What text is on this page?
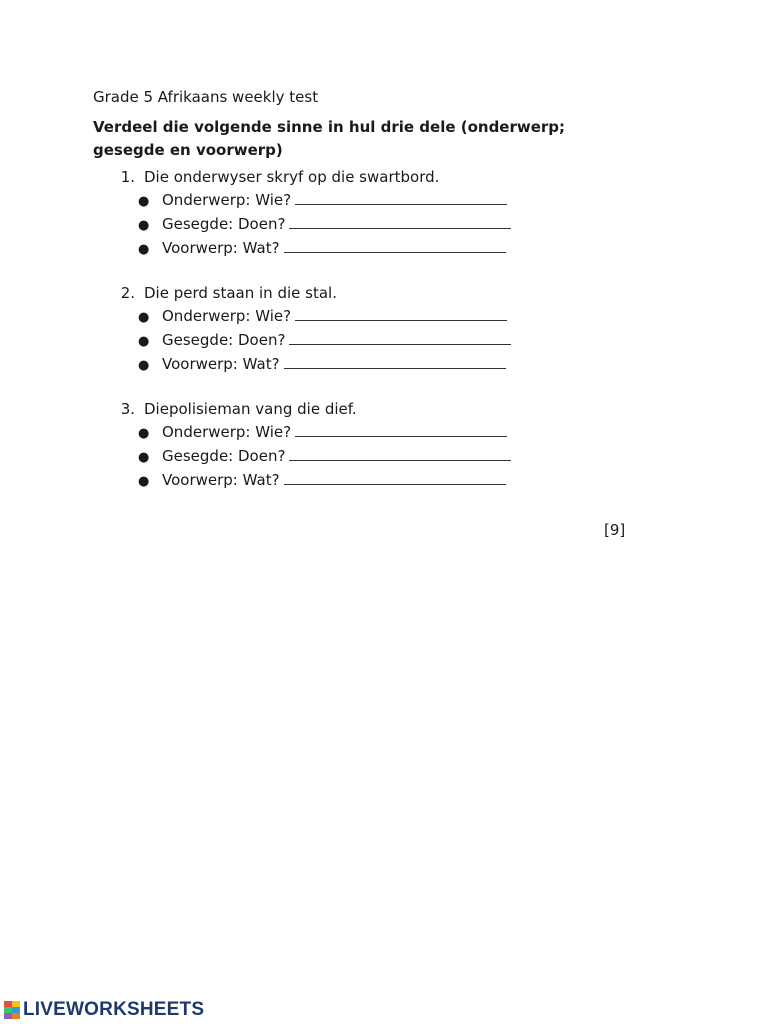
Grade 5 Afrikaans weekly test

Verdeel die volgende sinne in hul drie dele (onderwerp; gesegde en voorwerp)

1. Die onderwyser skryf op die swartbord.
● Onderwerp: Wie?
● Gesegde: Doen?
● Voorwerp: Wat?
2. Die perd staan in die stal.
● Onderwerp: Wie?
● Gesegde: Doen?
● Voorwerp: Wat?
3. Diepolisieman vang die dief.
● Onderwerp: Wie?
● Gesegde: Doen?
● Voorwerp: Wat?
[9]
LIVEWORKSHEETS
